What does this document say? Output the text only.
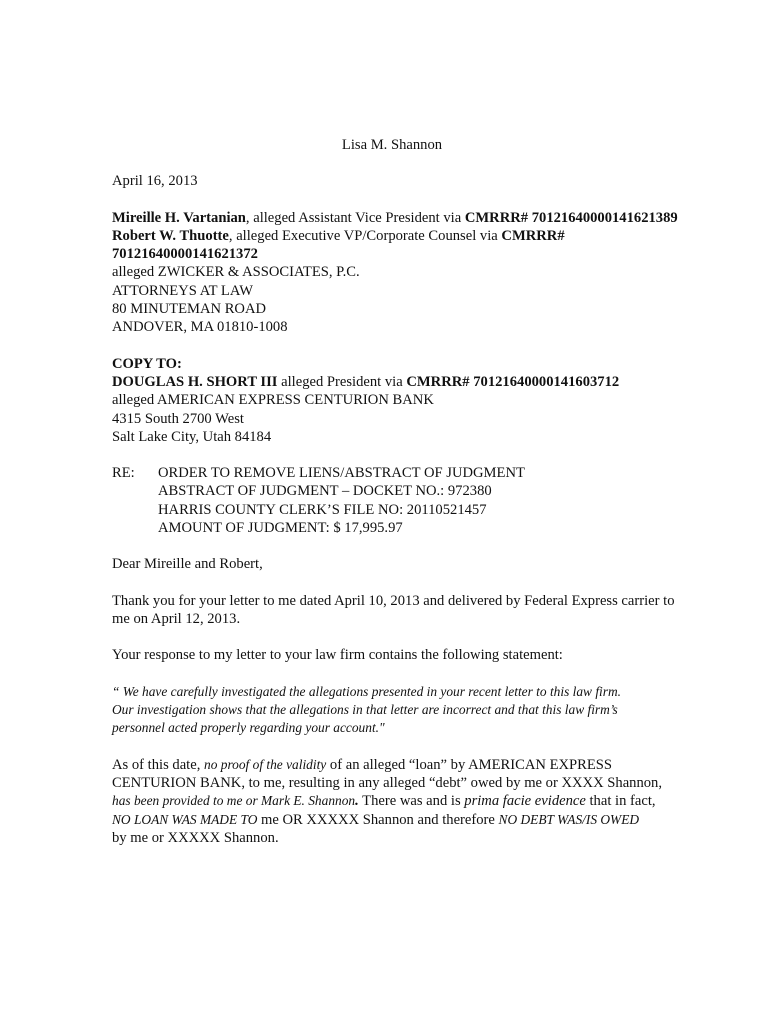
Lisa M. Shannon
April 16, 2013
Mireille H. Vartanian, alleged Assistant Vice President via CMRRR# 70121640000141621389
Robert W. Thuotte, alleged Executive VP/Corporate Counsel via CMRRR#
70121640000141621372
alleged ZWICKER & ASSOCIATES, P.C.
ATTORNEYS AT LAW
80 MINUTEMAN ROAD
ANDOVER, MA 01810-1008
COPY TO:
DOUGLAS H. SHORT III alleged President via CMRRR# 70121640000141603712
alleged AMERICAN EXPRESS CENTURION BANK
4315 South 2700 West
Salt Lake City, Utah 84184
RE:	ORDER TO REMOVE LIENS/ABSTRACT OF JUDGMENT
ABSTRACT OF JUDGMENT – DOCKET NO.: 972380
HARRIS COUNTY CLERK’S FILE NO: 20110521457
AMOUNT OF JUDGMENT: $ 17,995.97
Dear Mireille and Robert,
Thank you for your letter to me dated April 10, 2013 and delivered by Federal Express carrier to
me on April 12, 2013.
Your response to my letter to your law firm contains the following statement:
“ We have carefully investigated the allegations presented in your recent letter to this law firm.
Our investigation shows that the allegations in that letter are incorrect and that this law firm’s
personnel acted properly regarding your account."
As of this date, no proof of the validity of an alleged “loan” by AMERICAN EXPRESS
CENTURION BANK, to me, resulting in any alleged “debt” owed by me or XXXX Shannon,
has been provided to me or Mark E. Shannon. There was and is prima facie evidence that in fact,
NO LOAN WAS MADE TO me OR XXXXX Shannon and therefore NO DEBT WAS/IS OWED
by me or XXXXX Shannon.
